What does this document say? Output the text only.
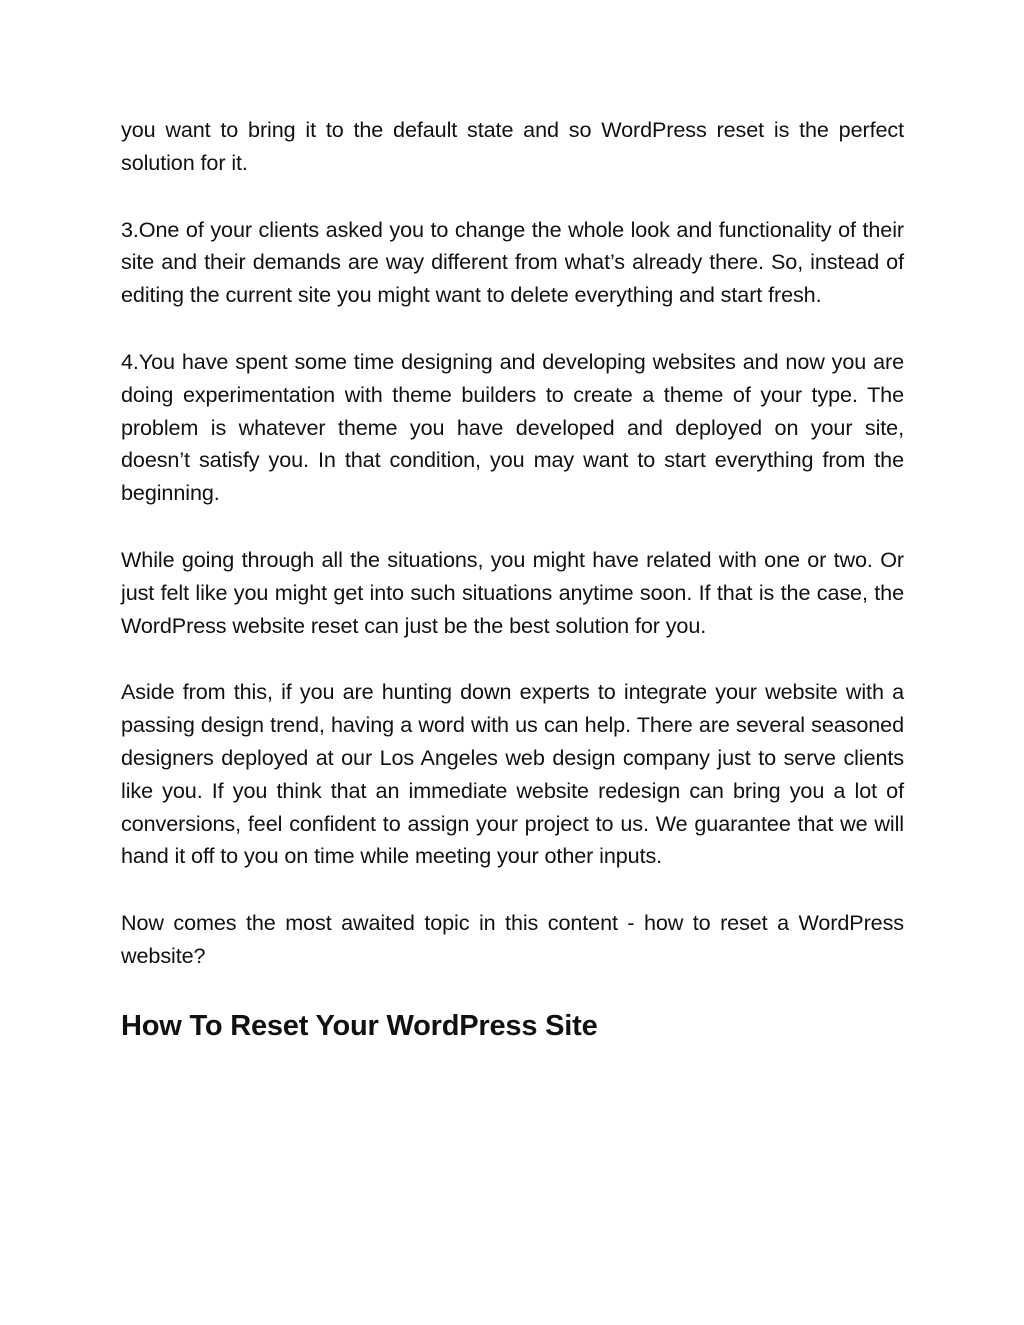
you want to bring it to the default state and so WordPress reset is the perfect solution for it.

3.One of your clients asked you to change the whole look and functionality of their site and their demands are way different from what’s already there. So, instead of editing the current site you might want to delete everything and start fresh.

4.You have spent some time designing and developing websites and now you are doing experimentation with theme builders to create a theme of your type. The problem is whatever theme you have developed and deployed on your site, doesn’t satisfy you. In that condition, you may want to start everything from the beginning.

While going through all the situations, you might have related with one or two. Or just felt like you might get into such situations anytime soon. If that is the case, the WordPress website reset can just be the best solution for you.

Aside from this, if you are hunting down experts to integrate your website with a passing design trend, having a word with us can help. There are several seasoned designers deployed at our Los Angeles web design company just to serve clients like you. If you think that an immediate website redesign can bring you a lot of conversions, feel confident to assign your project to us. We guarantee that we will hand it off to you on time while meeting your other inputs.

Now comes the most awaited topic in this content - how to reset a WordPress website?

How To Reset Your WordPress Site
